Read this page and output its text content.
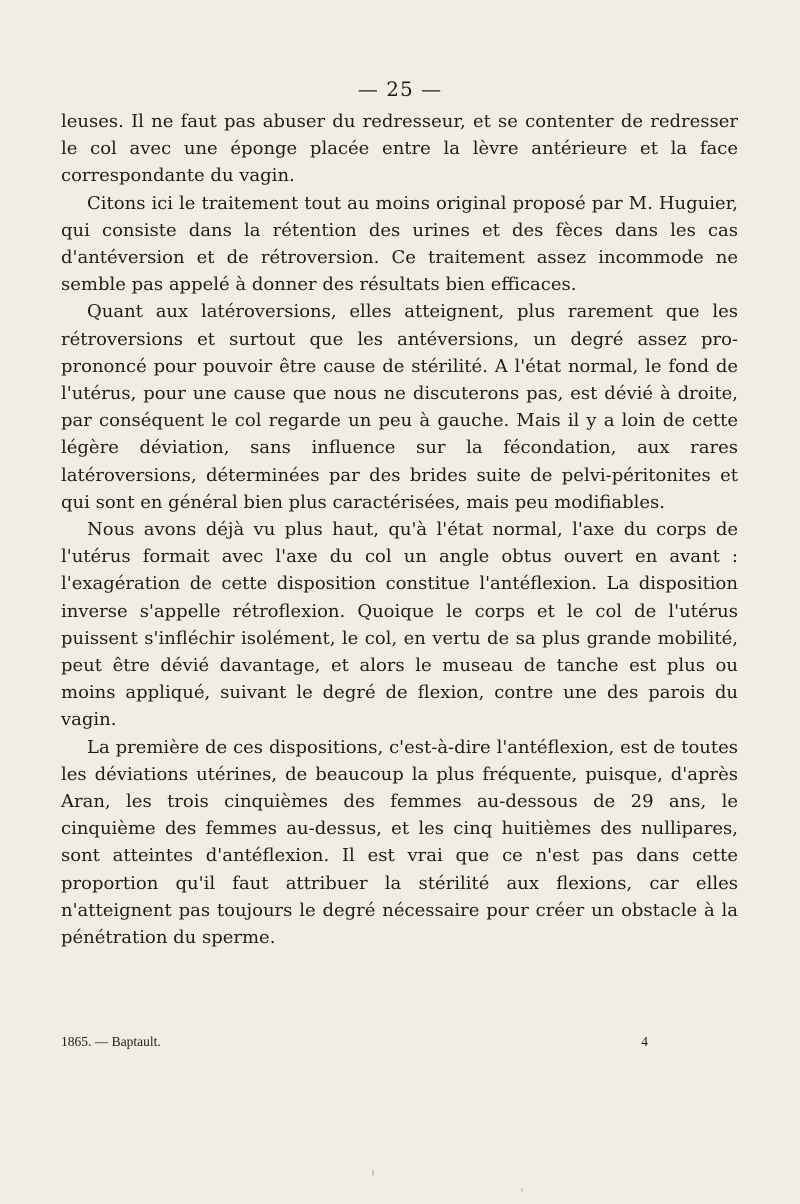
— 25 —

leuses. Il ne faut pas abuser du redresseur, et se contenter de redresser le col avec une éponge placée entre la lèvre antérieure et la face correspondante du vagin.

Citons ici le traitement tout au moins original proposé par M. Huguier, qui consiste dans la rétention des urines et des fèces dans les cas d'antéversion et de rétroversion. Ce traitement assez incommode ne semble pas appelé à donner des résultats bien efficaces.

Quant aux latéroversions, elles atteignent, plus rarement que les rétroversions et surtout que les antéversions, un degré assez pro-prononcé pour pouvoir être cause de stérilité. A l'état normal, le fond de l'utérus, pour une cause que nous ne discuterons pas, est dévié à droite, par conséquent le col regarde un peu à gauche. Mais il y a loin de cette légère déviation, sans influence sur la fécondation, aux rares latéroversions, déterminées par des brides suite de pelvi-péritonites et qui sont en général bien plus caractérisées, mais peu modifiables.

Nous avons déjà vu plus haut, qu'à l'état normal, l'axe du corps de l'utérus formait avec l'axe du col un angle obtus ouvert en avant : l'exagération de cette disposition constitue l'antéflexion. La disposition inverse s'appelle rétroflexion. Quoique le corps et le col de l'utérus puissent s'infléchir isolément, le col, en vertu de sa plus grande mobilité, peut être dévié davantage, et alors le museau de tanche est plus ou moins appliqué, suivant le degré de flexion, contre une des parois du vagin.

La première de ces dispositions, c'est-à-dire l'antéflexion, est de toutes les déviations utérines, de beaucoup la plus fréquente, puisque, d'après Aran, les trois cinquièmes des femmes au-dessous de 29 ans, le cinquième des femmes au-dessus, et les cinq huitièmes des nullipares, sont atteintes d'antéflexion. Il est vrai que ce n'est pas dans cette proportion qu'il faut attribuer la stérilité aux flexions, car elles n'atteignent pas toujours le degré nécessaire pour créer un obstacle à la pénétration du sperme.

1865. — Baptault.	4
